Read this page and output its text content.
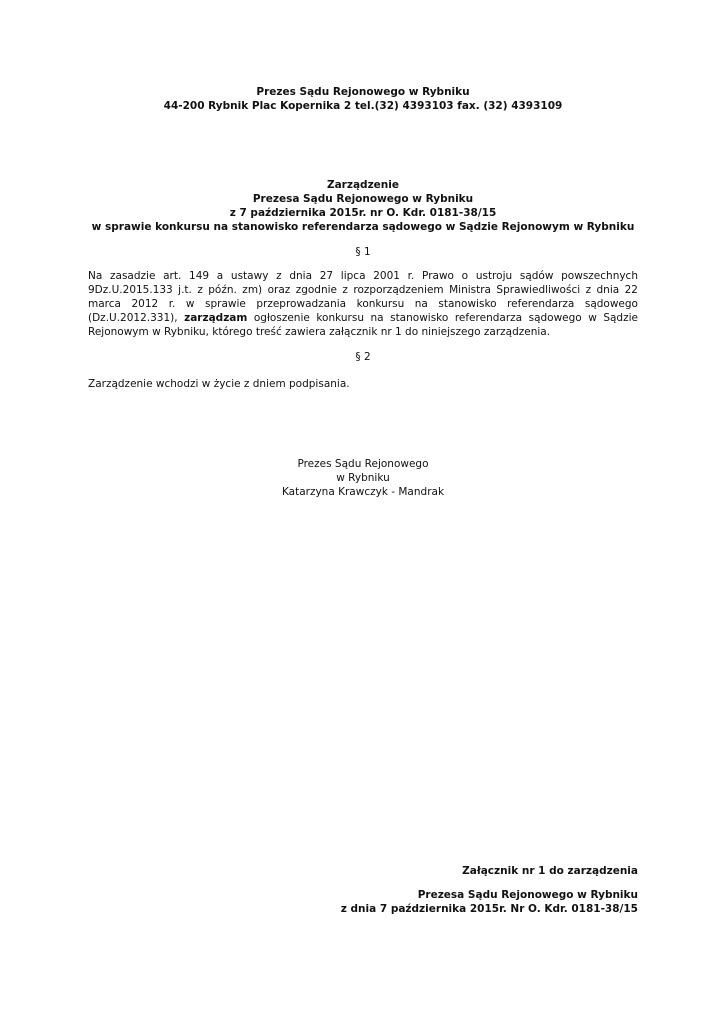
Prezes Sądu Rejonowego w Rybniku
44-200 Rybnik Plac Kopernika 2 tel.(32) 4393103 fax. (32) 4393109
Zarządzenie
Prezesa Sądu Rejonowego w Rybniku
z 7 października 2015r. nr O. Kdr. 0181-38/15
w sprawie konkursu na stanowisko referendarza sądowego w Sądzie Rejonowym w Rybniku
§ 1
Na zasadzie art. 149 a ustawy z dnia 27 lipca 2001 r. Prawo o ustroju sądów powszechnych 9Dz.U.2015.133 j.t. z późn. zm) oraz zgodnie z rozporządzeniem Ministra Sprawiedliwości z dnia 22 marca 2012 r. w sprawie przeprowadzania konkursu na stanowisko referendarza sądowego (Dz.U.2012.331), zarządzam ogłoszenie konkursu na stanowisko referendarza sądowego w Sądzie Rejonowym w Rybniku, którego treść zawiera załącznik nr 1 do niniejszego zarządzenia.
§ 2
Zarządzenie wchodzi w życie z dniem podpisania.
Prezes Sądu Rejonowego
w Rybniku
Katarzyna Krawczyk - Mandrak
Załącznik nr 1 do zarządzenia
Prezesa Sądu Rejonowego w Rybniku
z dnia 7 października 2015r. Nr O. Kdr. 0181-38/15
